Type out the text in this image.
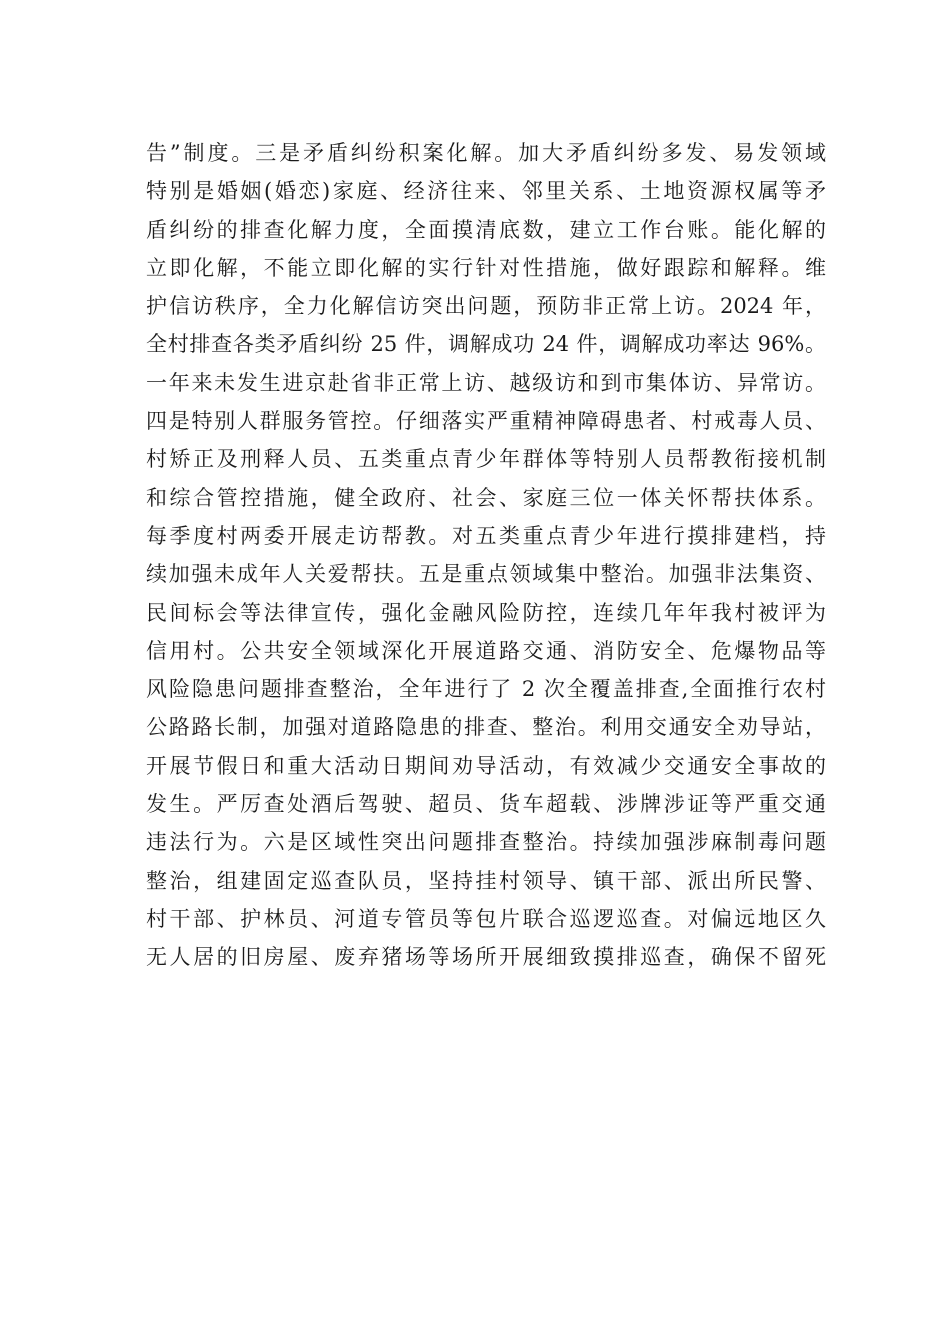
告”制度。三是矛盾纠纷积案化解。加大矛盾纠纷多发、易发领域
特别是婚姻(婚恋)家庭、经济往来、邻里关系、土地资源权属等矛
盾纠纷的排查化解力度，全面摸清底数，建立工作台账。能化解的
立即化解，不能立即化解的实行针对性措施，做好跟踪和解释。维
护信访秩序，全力化解信访突出问题，预防非正常上访。2024 年，
全村排查各类矛盾纠纷 25 件，调解成功 24 件，调解成功率达 96%。
一年来未发生进京赴省非正常上访、越级访和到市集体访、异常访。
四是特别人群服务管控。仔细落实严重精神障碍患者、村戒毒人员、
村矫正及刑释人员、五类重点青少年群体等特别人员帮教衔接机制
和综合管控措施，健全政府、社会、家庭三位一体关怀帮扶体系。
每季度村两委开展走访帮教。对五类重点青少年进行摸排建档，持
续加强未成年人关爱帮扶。五是重点领域集中整治。加强非法集资、
民间标会等法律宣传，强化金融风险防控，连续几年年我村被评为
信用村。公共安全领域深化开展道路交通、消防安全、危爆物品等
风险隐患问题排查整治，全年进行了 2 次全覆盖排查,全面推行农村
公路路长制，加强对道路隐患的排查、整治。利用交通安全劝导站，
开展节假日和重大活动日期间劝导活动，有效减少交通安全事故的
发生。严厉查处酒后驾驶、超员、货车超载、涉牌涉证等严重交通
违法行为。六是区域性突出问题排查整治。持续加强涉麻制毒问题
整治，组建固定巡查队员，坚持挂村领导、镇干部、派出所民警、
村干部、护林员、河道专管员等包片联合巡逻巡查。对偏远地区久
无人居的旧房屋、废弃猪场等场所开展细致摸排巡查，确保不留死
